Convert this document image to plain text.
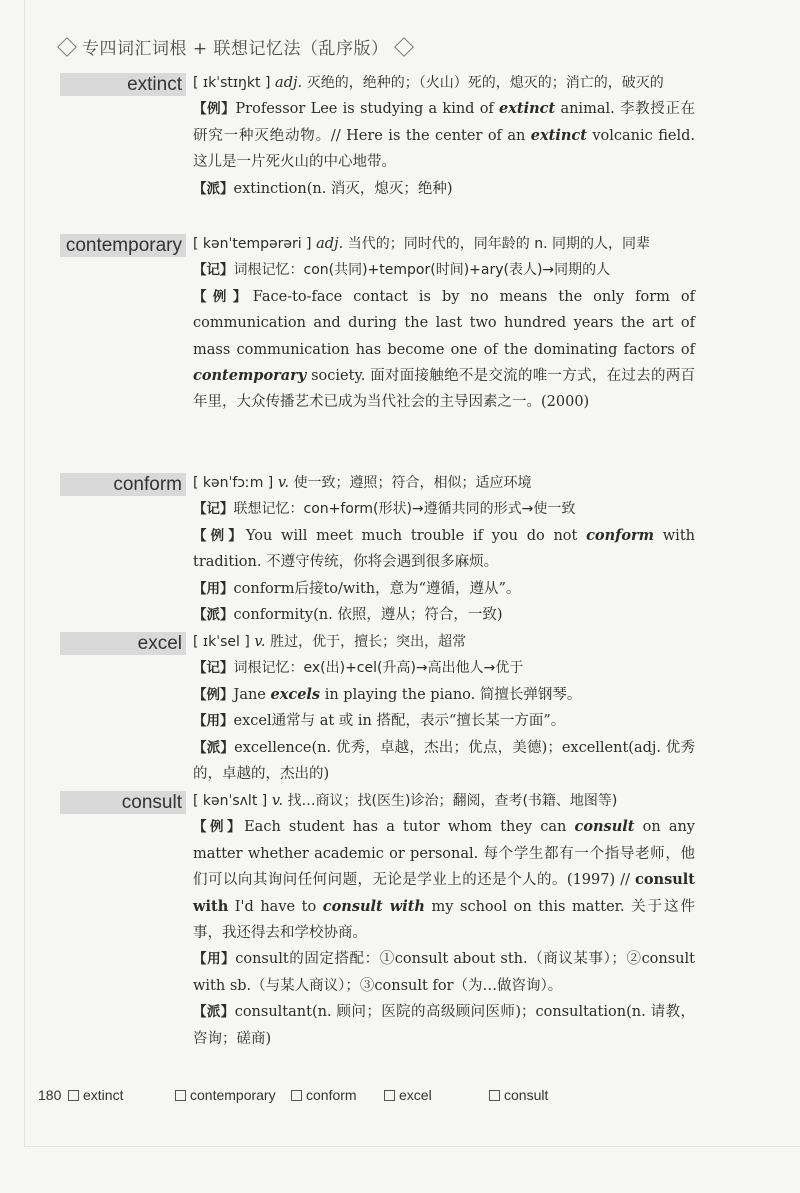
专四词汇词根 + 联想记忆法（乱序版）
extinct [ ɪkˈstɪŋkt ] adj. 灭绝的，绝种的；（火山）死的，熄灭的；消亡的，破灭的

【例】Professor Lee is studying a kind of extinct animal. 李教授正在研究一种灭绝动物。// Here is the center of an extinct volcanic field. 这儿是一片死火山的中心地带。

【派】extinction(n. 消灭，熄灭；绝种)

contemporary [ kənˈtempərəri ] adj. 当代的；同时代的，同年龄的 n. 同期的人，同辈

【记】词根记忆：con(共同)+tempor(时间)+ary(表人)→同期的人

【例】Face-to-face contact is by no means the only form of communication and during the last two hundred years the art of mass communication has become one of the dominating factors of contemporary society. 面对面接触绝不是交流的唯一方式，在过去的两百年里，大众传播艺术已成为当代社会的主导因素之一。(2000)

conform [ kənˈfɔːm ] v. 使一致；遵照；符合，相似；适应环境

【记】联想记忆：con+form(形状)→遵循共同的形式→使一致

【例】You will meet much trouble if you do not conform with tradition. 不遵守传统，你将会遇到很多麻烦。

【用】conform后接to/with，意为“遵循，遵从”。

【派】conformity(n. 依照，遵从；符合，一致)

excel [ ɪkˈsel ] v. 胜过，优于，擅长；突出，超常

【记】词根记忆：ex(出)+cel(升高)→高出他人→优于

【例】Jane excels in playing the piano. 简擅长弹钢琴。

【用】excel通常与 at 或 in 搭配，表示“擅长某一方面”。

【派】excellence(n. 优秀，卓越，杰出；优点，美德)；excellent(adj. 优秀的，卓越的，杰出的)

consult [ kənˈsʌlt ] v. 找…商议；找(医生)诊治；翻阅，查考(书籍、地图等)

【例】Each student has a tutor whom they can consult on any matter whether academic or personal. 每个学生都有一个指导老师，他们可以向其询问任何问题，无论是学业上的还是个人的。(1997) // consult with I'd have to consult with my school on this matter. 关于这件事，我还得去和学校协商。

【用】consult的固定搭配：①consult about sth.（商议某事）；②consult with sb.（与某人商议）；③consult for（为…做咨询）。

【派】consultant(n. 顾问；医院的高级顾问医师)；consultation(n. 请教，咨询；磋商)

180	extinct	contemporary	conform	excel	consult
